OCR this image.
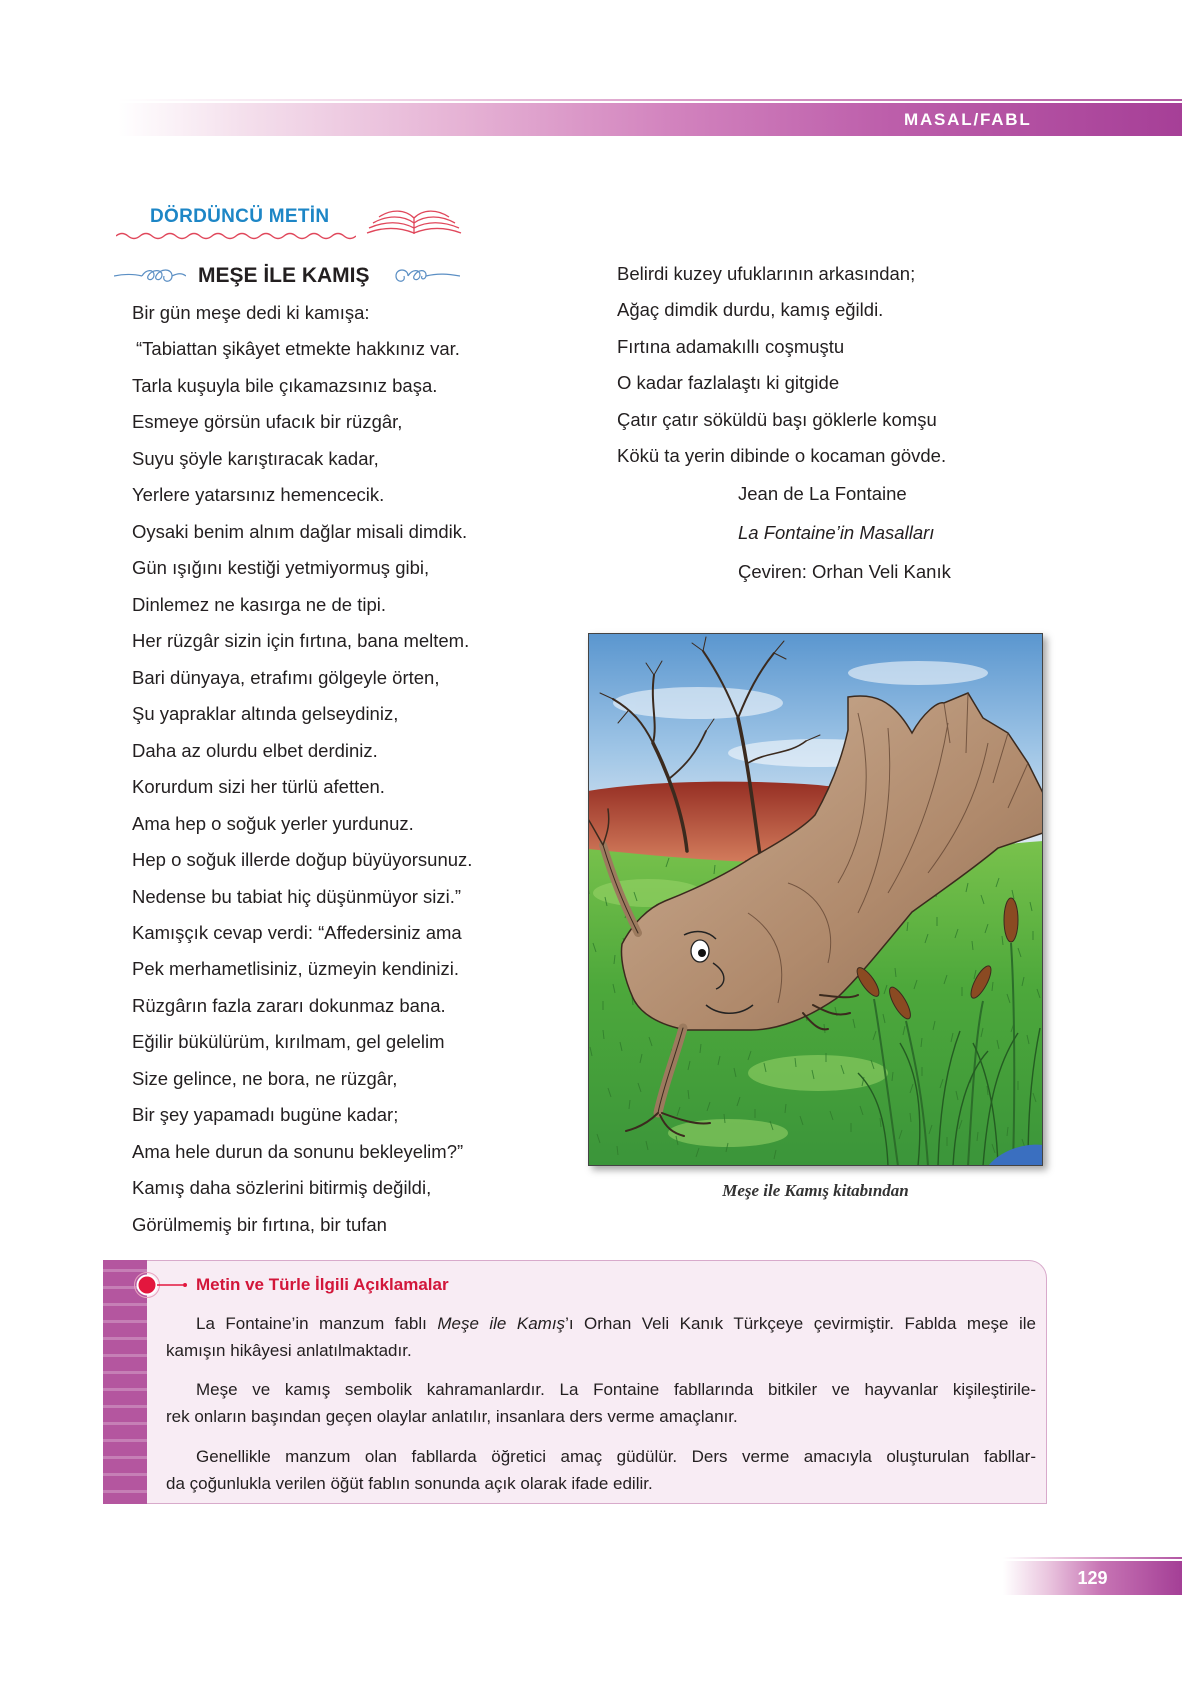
MASAL/FABL
DÖRDÜNCÜ METİN
MEŞE İLE KAMIŞ
Bir gün meşe dedi ki kamışa:
“Tabiattan şikâyet etmekte hakkınız var.
Tarla kuşuyla bile çıkamazsınız başa.
Esmeye görsün ufacık bir rüzgâr,
Suyu şöyle karıştıracak kadar,
Yerlere yatarsınız hemencecik.
Oysaki benim alnım dağlar misali dimdik.
Gün ışığını kestiği yetmiyormuş gibi,
Dinlemez ne kasırga ne de tipi.
Her rüzgâr sizin için fırtına, bana meltem.
Bari dünyaya, etrafımı gölgeyle örten,
Şu yapraklar altında gelseydiniz,
Daha az olurdu elbet derdiniz.
Korurdum sizi her türlü afetten.
Ama hep o soğuk yerler yurdunuz.
Hep o soğuk illerde doğup büyüyorsunuz.
Nedense bu tabiat hiç düşünmüyor sizi.”
Kamışçık cevap verdi: “Affedersiniz ama
Pek merhametlisiniz, üzmeyin kendinizi.
Rüzgârın fazla zararı dokunmaz bana.
Eğilir bükülürüm, kırılmam, gel gelelim
Size gelince, ne bora, ne rüzgâr,
Bir şey yapamadı bugüne kadar;
Ama hele durun da sonunu bekleyelim?”
Kamış daha sözlerini bitirmiş değildi,
Görülmemiş bir fırtına, bir tufan
Belirdi kuzey ufuklarının arkasından;
Ağaç dimdik durdu, kamış eğildi.
Fırtına adamakıllı coşmuştu
O kadar fazlalaştı ki gitgide
Çatır çatır söküldü başı göklerle komşu
Kökü ta yerin dibinde o kocaman gövde.
Jean de La Fontaine
La Fontaine’in Masalları
Çeviren: Orhan Veli Kanık
Meşe ile Kamış kitabından
Metin ve Türle İlgili Açıklamalar
La Fontaine’in manzum fablı Meşe ile Kamış’ı Orhan Veli Kanık Türkçeye çevirmiştir. Fablda meşe ile
kamışın hikâyesi anlatılmaktadır.
Meşe ve kamış sembolik kahramanlardır. La Fontaine fabllarında bitkiler ve hayvanlar kişileştirile-
rek onların başından geçen olaylar anlatılır, insanlara ders verme amaçlanır.
Genellikle manzum olan fabllarda öğretici amaç güdülür. Ders verme amacıyla oluşturulan fabllar-
da çoğunlukla verilen öğüt fablın sonunda açık olarak ifade edilir.
129
